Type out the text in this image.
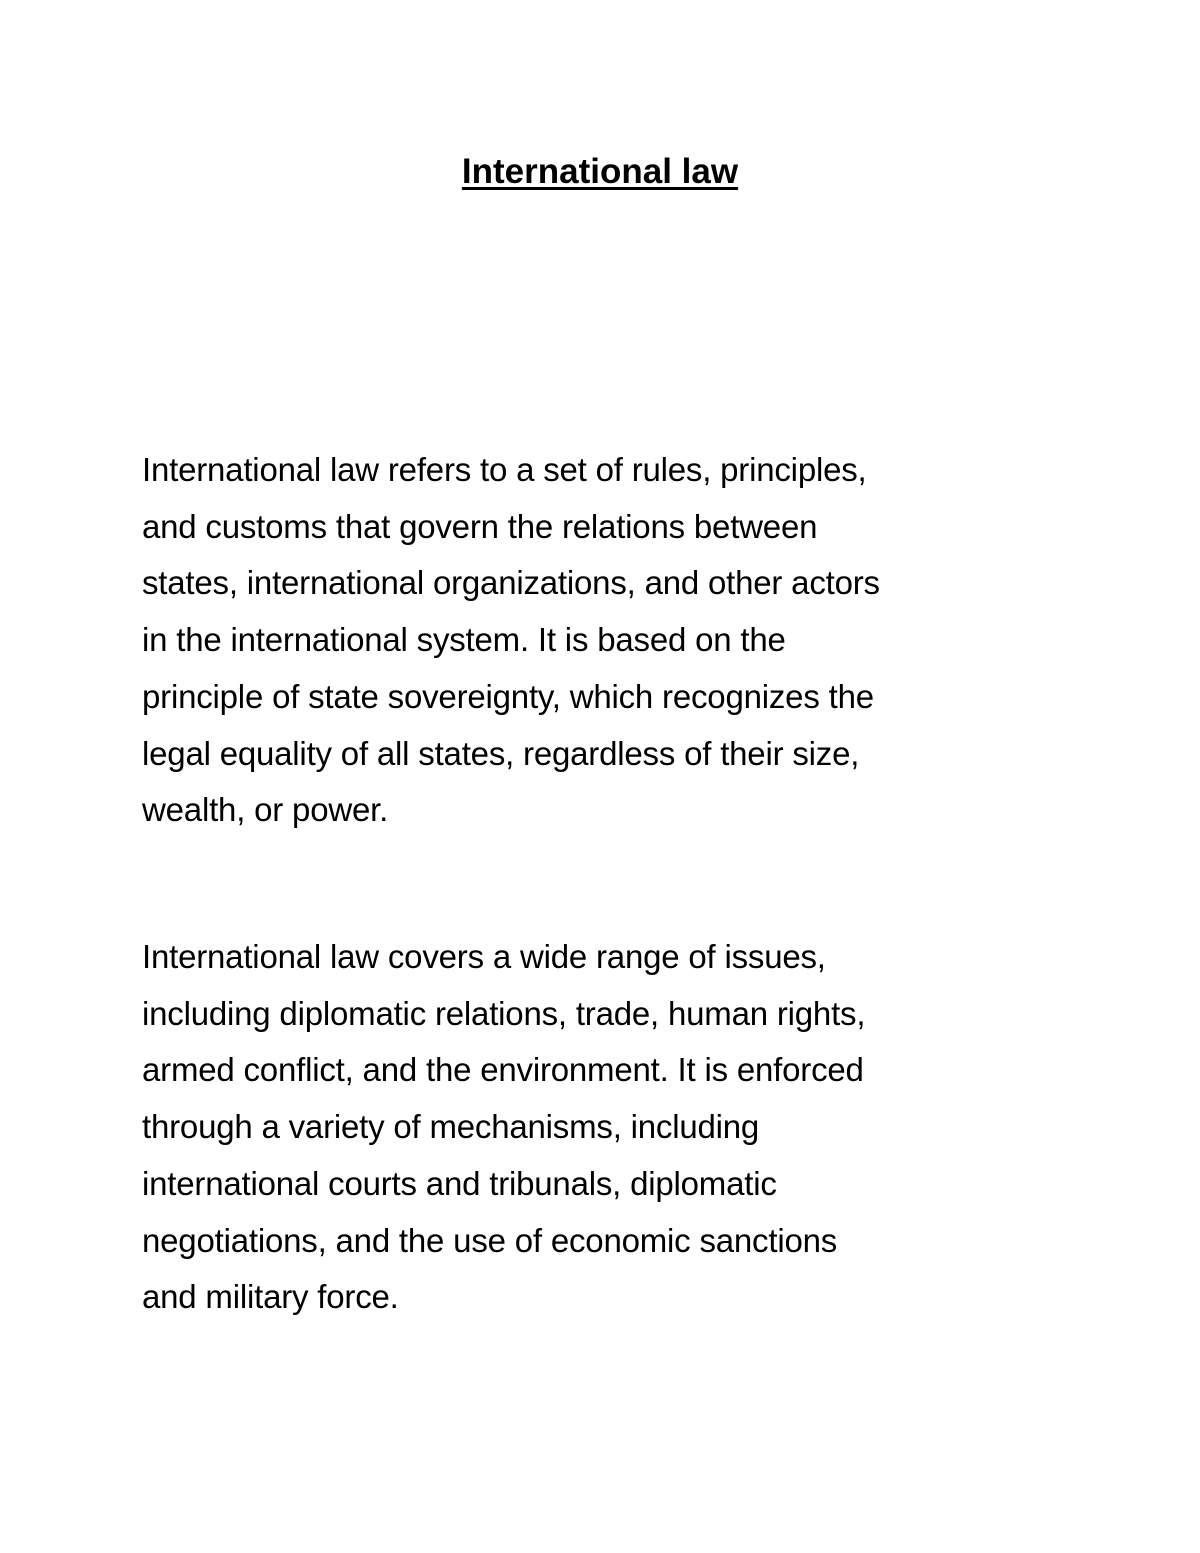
International law

International law refers to a set of rules, principles,
and customs that govern the relations between
states, international organizations, and other actors
in the international system. It is based on the
principle of state sovereignty, which recognizes the
legal equality of all states, regardless of their size,
wealth, or power.

International law covers a wide range of issues,
including diplomatic relations, trade, human rights,
armed conflict, and the environment. It is enforced
through a variety of mechanisms, including
international courts and tribunals, diplomatic
negotiations, and the use of economic sanctions
and military force.
